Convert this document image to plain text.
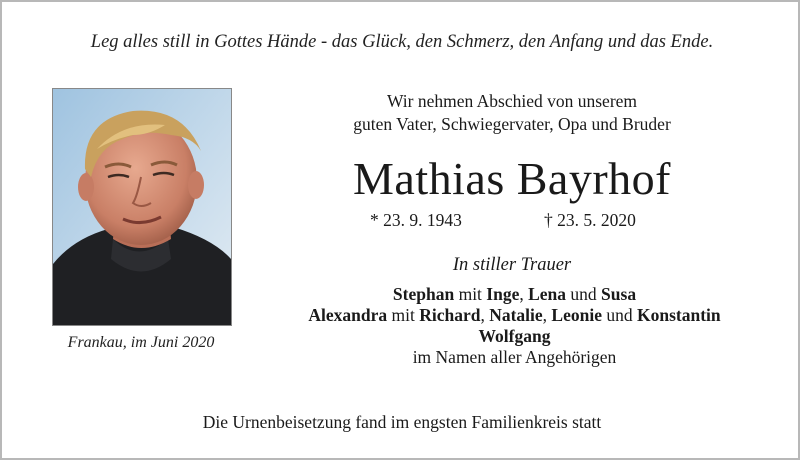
Leg alles still in Gottes Hände - das Glück, den Schmerz, den Anfang und das Ende.
Frankau, im Juni 2020
Wir nehmen Abschied von unserem
guten Vater, Schwiegervater, Opa und Bruder
Mathias Bayrhof
* 23. 9. 1943	† 23. 5. 2020
In stiller Trauer
Stephan mit Inge, Lena und Susa
Alexandra mit Richard, Natalie, Leonie und Konstantin
Wolfgang
im Namen aller Angehörigen
Die Urnenbeisetzung fand im engsten Familienkreis statt
